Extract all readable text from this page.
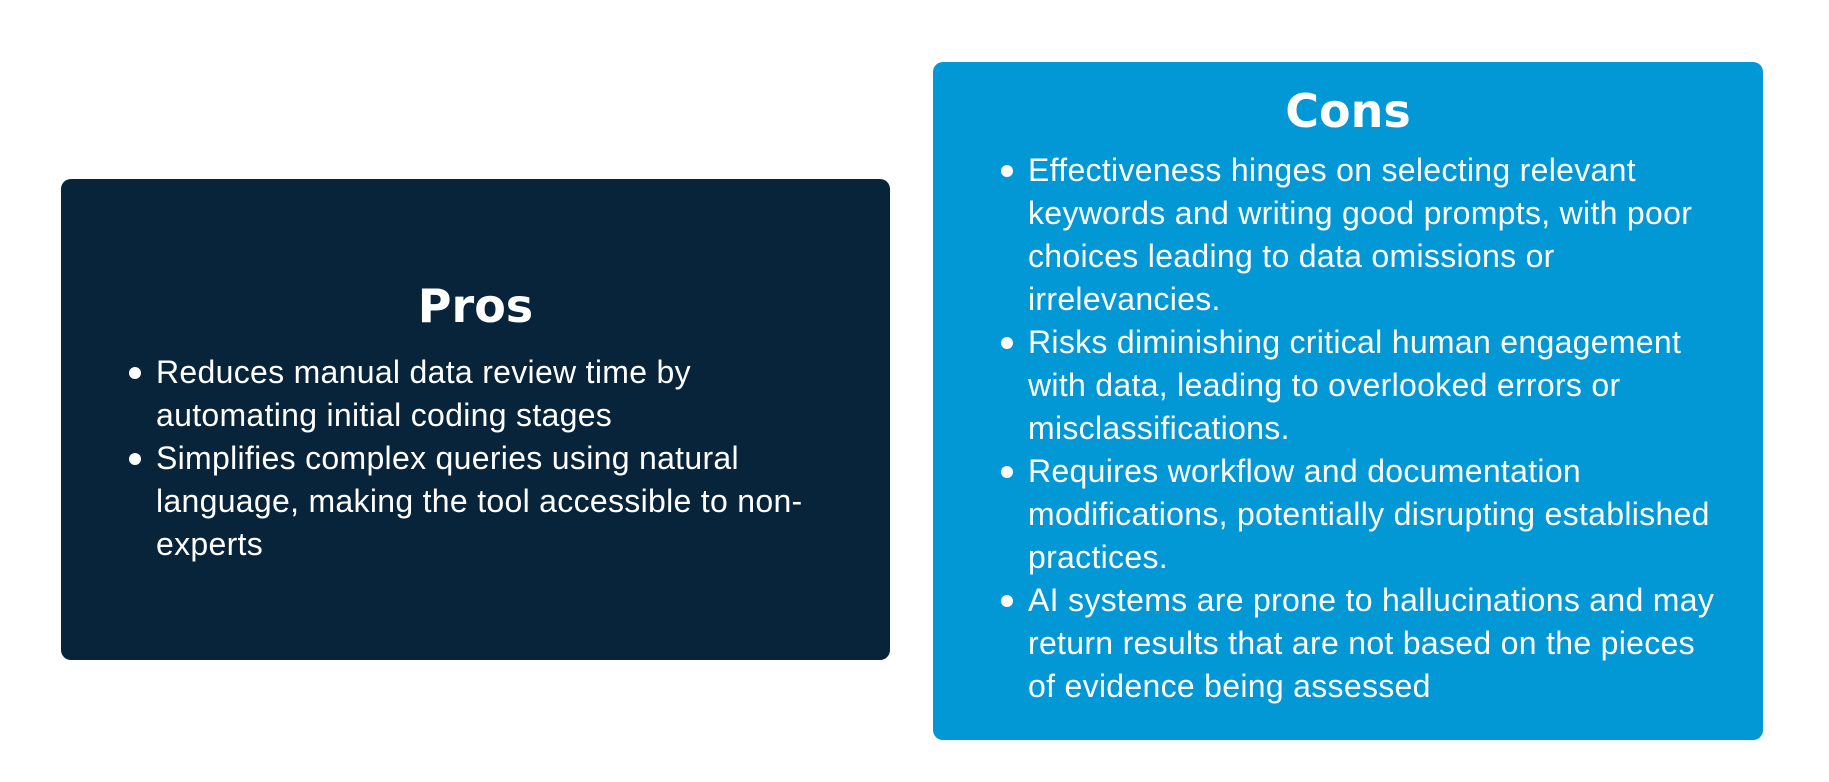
Pros
Reduces manual data review time by automating initial coding stages
Simplifies complex queries using natural language, making the tool accessible to non-experts
Cons
Effectiveness hinges on selecting relevant keywords and writing good prompts, with poor choices leading to data omissions or irrelevancies.
Risks diminishing critical human engagement with data, leading to overlooked errors or misclassifications.
Requires workflow and documentation modifications, potentially disrupting established practices.
AI systems are prone to hallucinations and may return results that are not based on the pieces of evidence being assessed
